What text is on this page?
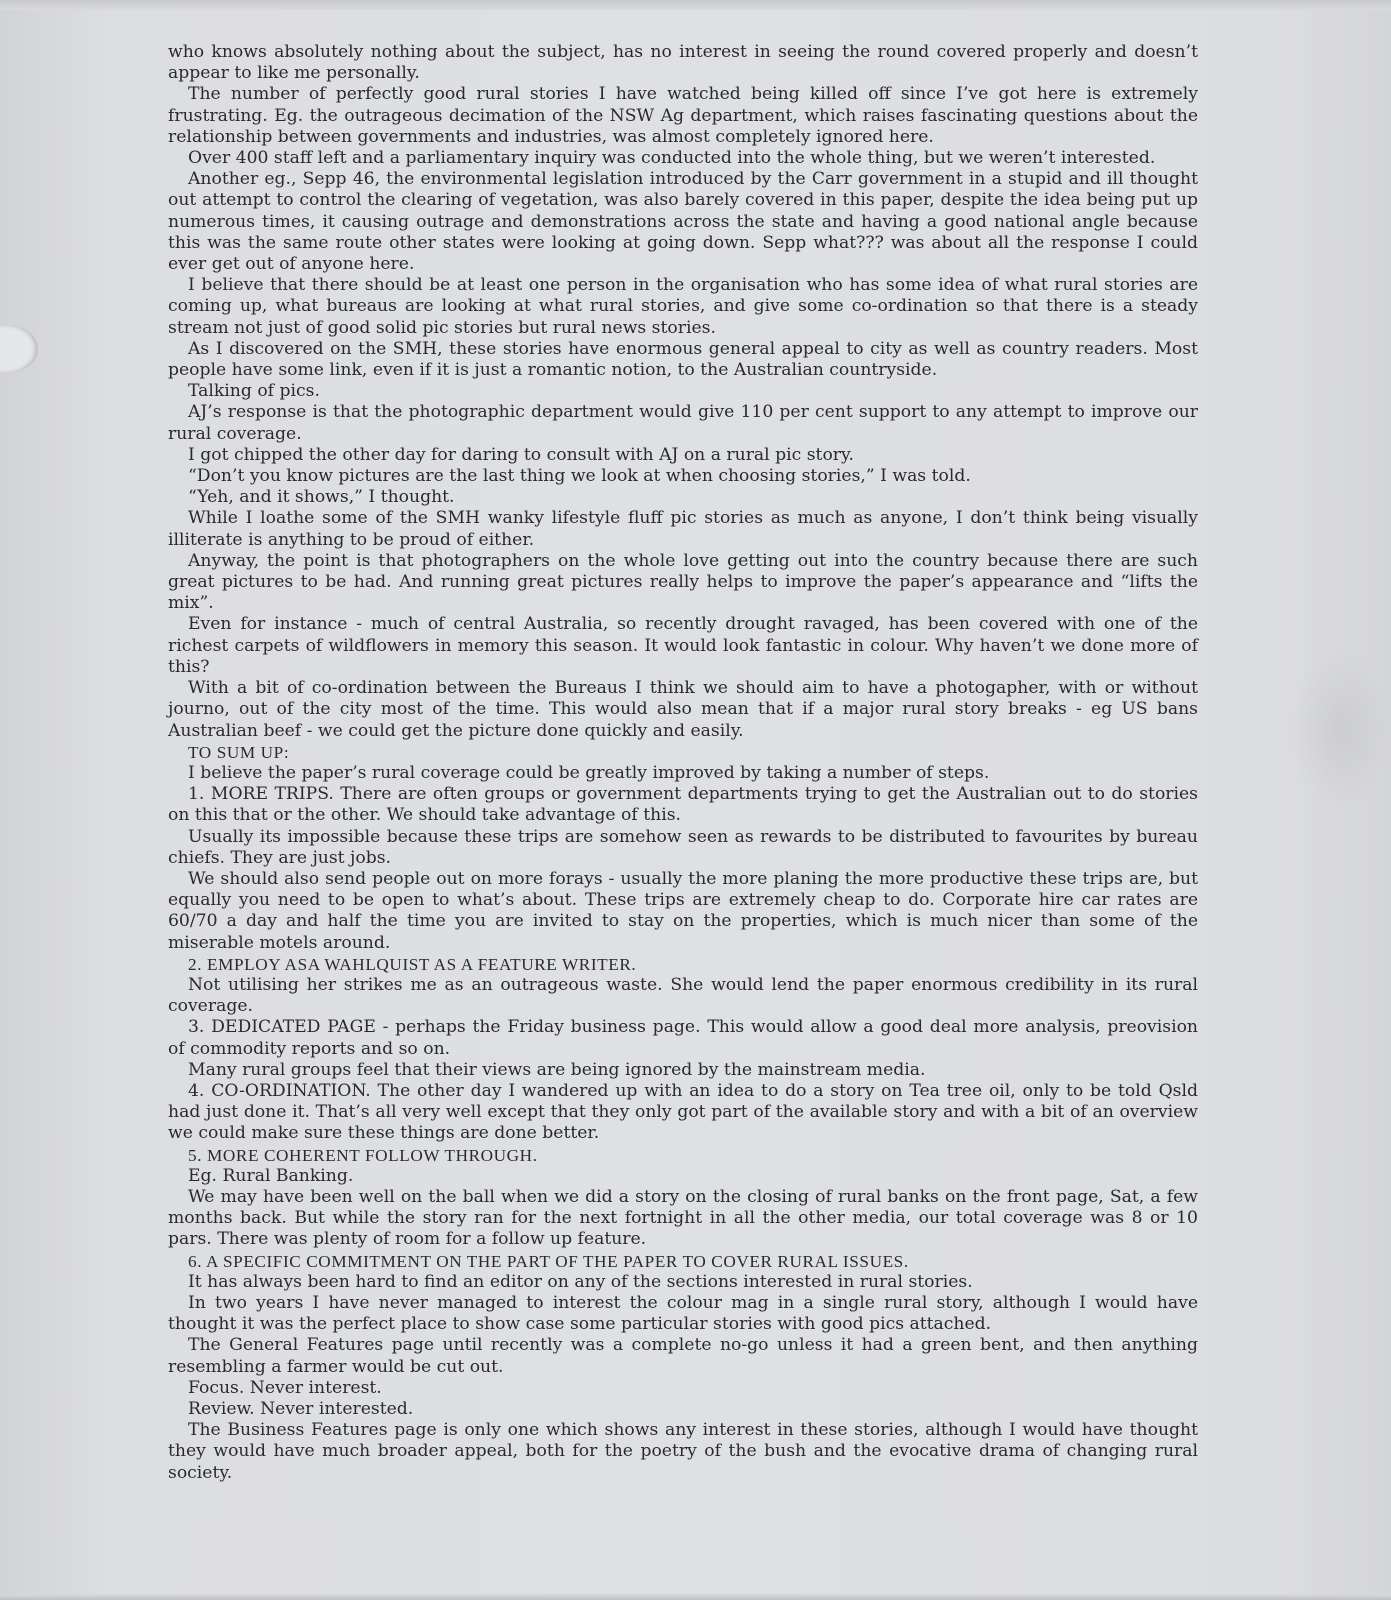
who knows absolutely nothing about the subject, has no interest in seeing the round covered properly and doesn’t appear to like me personally.

The number of perfectly good rural stories I have watched being killed off since I’ve got here is extremely frustrating. Eg. the outrageous decimation of the NSW Ag department, which raises fascinating questions about the relationship between governments and industries, was almost completely ignored here.

Over 400 staff left and a parliamentary inquiry was conducted into the whole thing, but we weren’t interested.

Another eg., Sepp 46, the environmental legislation introduced by the Carr government in a stupid and ill thought out attempt to control the clearing of vegetation, was also barely covered in this paper, despite the idea being put up numerous times, it causing outrage and demonstrations across the state and having a good national angle because this was the same route other states were looking at going down. Sepp what??? was about all the response I could ever get out of anyone here.

I believe that there should be at least one person in the organisation who has some idea of what rural stories are coming up, what bureaus are looking at what rural stories, and give some co-ordination so that there is a steady stream not just of good solid pic stories but rural news stories.

As I discovered on the SMH, these stories have enormous general appeal to city as well as country readers. Most people have some link, even if it is just a romantic notion, to the Australian countryside.

Talking of pics.

AJ’s response is that the photographic department would give 110 per cent support to any attempt to improve our rural coverage.

I got chipped the other day for daring to consult with AJ on a rural pic story.

“Don’t you know pictures are the last thing we look at when choosing stories,” I was told.

“Yeh, and it shows,” I thought.

While I loathe some of the SMH wanky lifestyle fluff pic stories as much as anyone, I don’t think being visually illiterate is anything to be proud of either.

Anyway, the point is that photographers on the whole love getting out into the country because there are such great pictures to be had. And running great pictures really helps to improve the paper’s appearance and “lifts the mix”.

Even for instance - much of central Australia, so recently drought ravaged, has been covered with one of the richest carpets of wildflowers in memory this season. It would look fantastic in colour. Why haven’t we done more of this?

With a bit of co-ordination between the Bureaus I think we should aim to have a photogapher, with or without journo, out of the city most of the time. This would also mean that if a major rural story breaks - eg US bans Australian beef - we could get the picture done quickly and easily.

TO SUM UP:

I believe the paper’s rural coverage could be greatly improved by taking a number of steps.

1. MORE TRIPS. There are often groups or government departments trying to get the Australian out to do stories on this that or the other. We should take advantage of this.

Usually its impossible because these trips are somehow seen as rewards to be distributed to favourites by bureau chiefs. They are just jobs.

We should also send people out on more forays - usually the more planing the more productive these trips are, but equally you need to be open to what’s about. These trips are extremely cheap to do. Corporate hire car rates are 60/70 a day and half the time you are invited to stay on the properties, which is much nicer than some of the miserable motels around.

2. EMPLOY ASA WAHLQUIST AS A FEATURE WRITER.

Not utilising her strikes me as an outrageous waste. She would lend the paper enormous credibility in its rural coverage.

3. DEDICATED PAGE - perhaps the Friday business page. This would allow a good deal more analysis, preovision of commodity reports and so on.

Many rural groups feel that their views are being ignored by the mainstream media.

4. CO-ORDINATION. The other day I wandered up with an idea to do a story on Tea tree oil, only to be told Qsld had just done it. That’s all very well except that they only got part of the available story and with a bit of an overview we could make sure these things are done better.

5. MORE COHERENT FOLLOW THROUGH.

Eg. Rural Banking.

We may have been well on the ball when we did a story on the closing of rural banks on the front page, Sat, a few months back. But while the story ran for the next fortnight in all the other media, our total coverage was 8 or 10 pars. There was plenty of room for a follow up feature.

6. A SPECIFIC COMMITMENT ON THE PART OF THE PAPER TO COVER RURAL ISSUES.

It has always been hard to find an editor on any of the sections interested in rural stories.

In two years I have never managed to interest the colour mag in a single rural story, although I would have thought it was the perfect place to show case some particular stories with good pics attached.

The General Features page until recently was a complete no-go unless it had a green bent, and then anything resembling a farmer would be cut out.

Focus. Never interest.

Review. Never interested.

The Business Features page is only one which shows any interest in these stories, although I would have thought they would have much broader appeal, both for the poetry of the bush and the evocative drama of changing rural society.
